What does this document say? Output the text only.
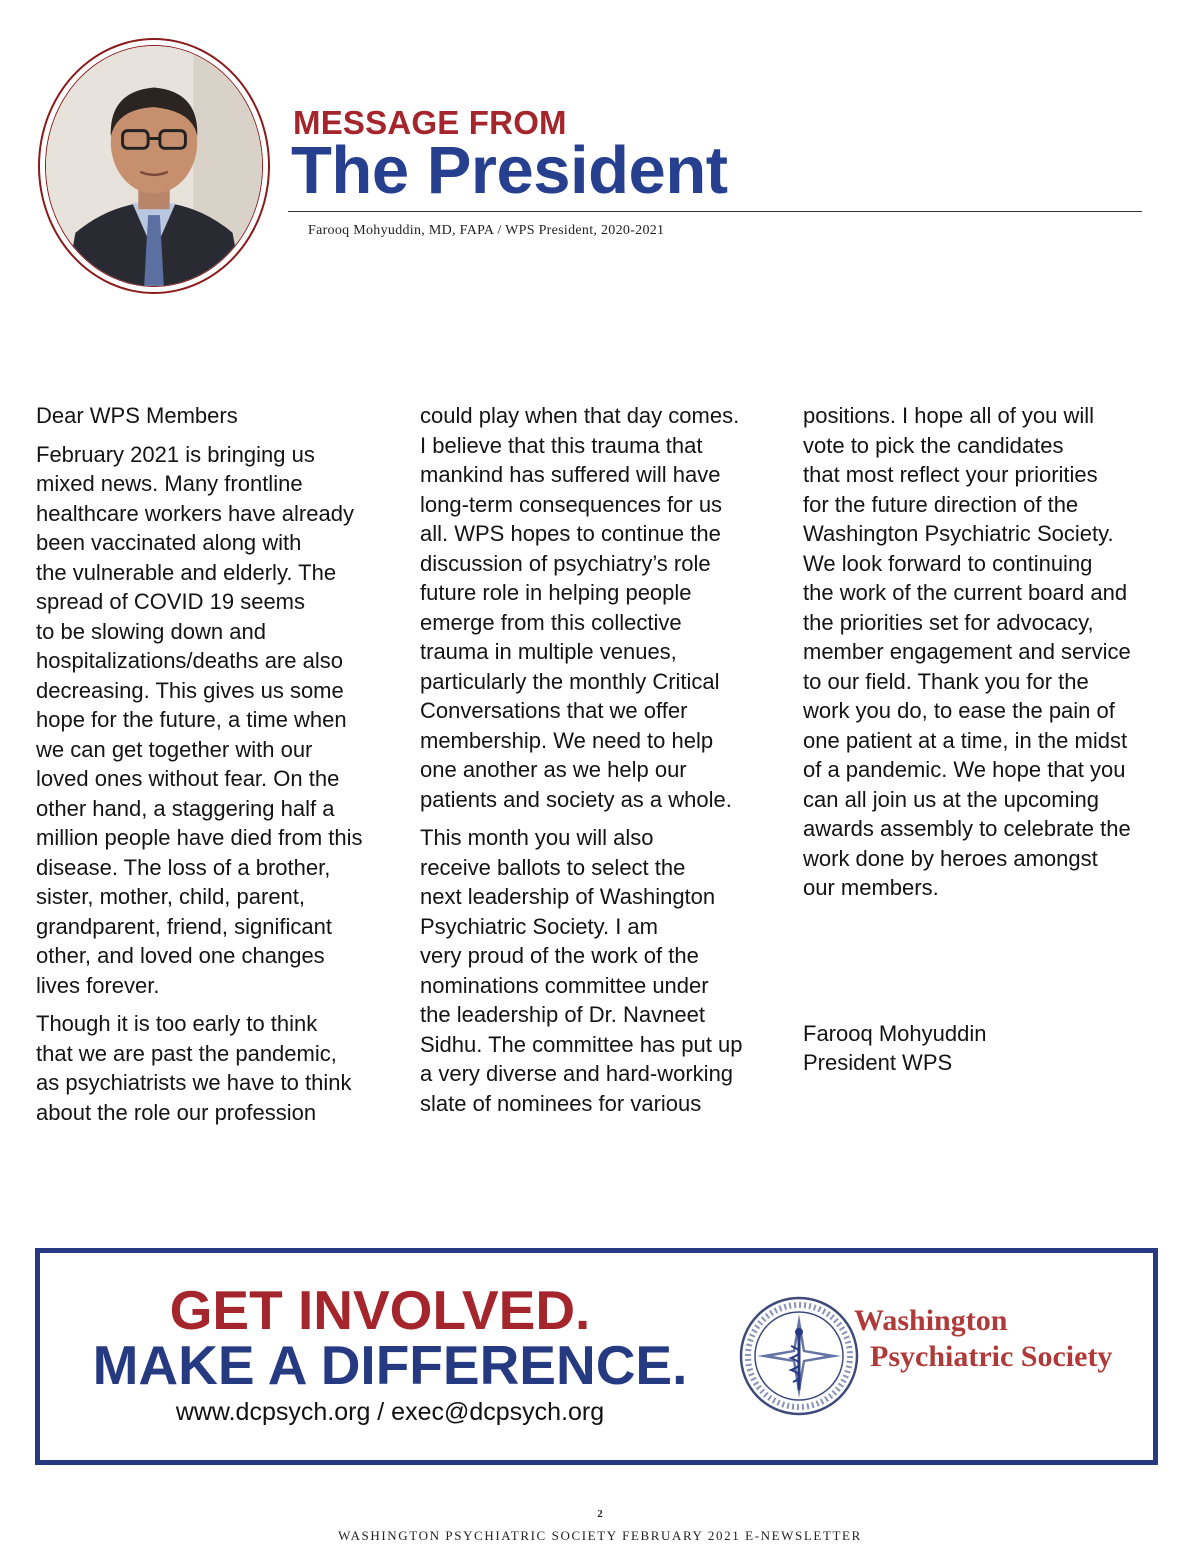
MESSAGE FROM
The President
Farooq Mohyuddin, MD, FAPA / WPS President, 2020-2021

Dear WPS Members

February 2021 is bringing us
mixed news. Many frontline
healthcare workers have already
been vaccinated along with
the vulnerable and elderly. The
spread of COVID 19 seems
to be slowing down and
hospitalizations/deaths are also
decreasing. This gives us some
hope for the future, a time when
we can get together with our
loved ones without fear. On the
other hand, a staggering half a
million people have died from this
disease. The loss of a brother,
sister, mother, child, parent,
grandparent, friend, significant
other, and loved one changes
lives forever.

Though it is too early to think
that we are past the pandemic,
as psychiatrists we have to think
about the role our profession

could play when that day comes.
I believe that this trauma that
mankind has suffered will have
long-term consequences for us
all. WPS hopes to continue the
discussion of psychiatry’s role
future role in helping people
emerge from this collective
trauma in multiple venues,
particularly the monthly Critical
Conversations that we offer
membership. We need to help
one another as we help our
patients and society as a whole.

This month you will also
receive ballots to select the
next leadership of Washington
Psychiatric Society. I am
very proud of the work of the
nominations committee under
the leadership of Dr. Navneet
Sidhu. The committee has put up
a very diverse and hard-working
slate of nominees for various

positions. I hope all of you will
vote to pick the candidates
that most reflect your priorities
for the future direction of the
Washington Psychiatric Society.
We look forward to continuing
the work of the current board and
the priorities set for advocacy,
member engagement and service
to our field. Thank you for the
work you do, to ease the pain of
one patient at a time, in the midst
of a pandemic. We hope that you
can all join us at the upcoming
awards assembly to celebrate the
work done by heroes amongst
our members.

Farooq Mohyuddin
President WPS

GET INVOLVED.
MAKE A DIFFERENCE.
www.dcpsych.org / exec@dcpsych.org
Washington
Psychiatric Society
2
WASHINGTON PSYCHIATRIC SOCIETY FEBRUARY 2021 E-NEWSLETTER
